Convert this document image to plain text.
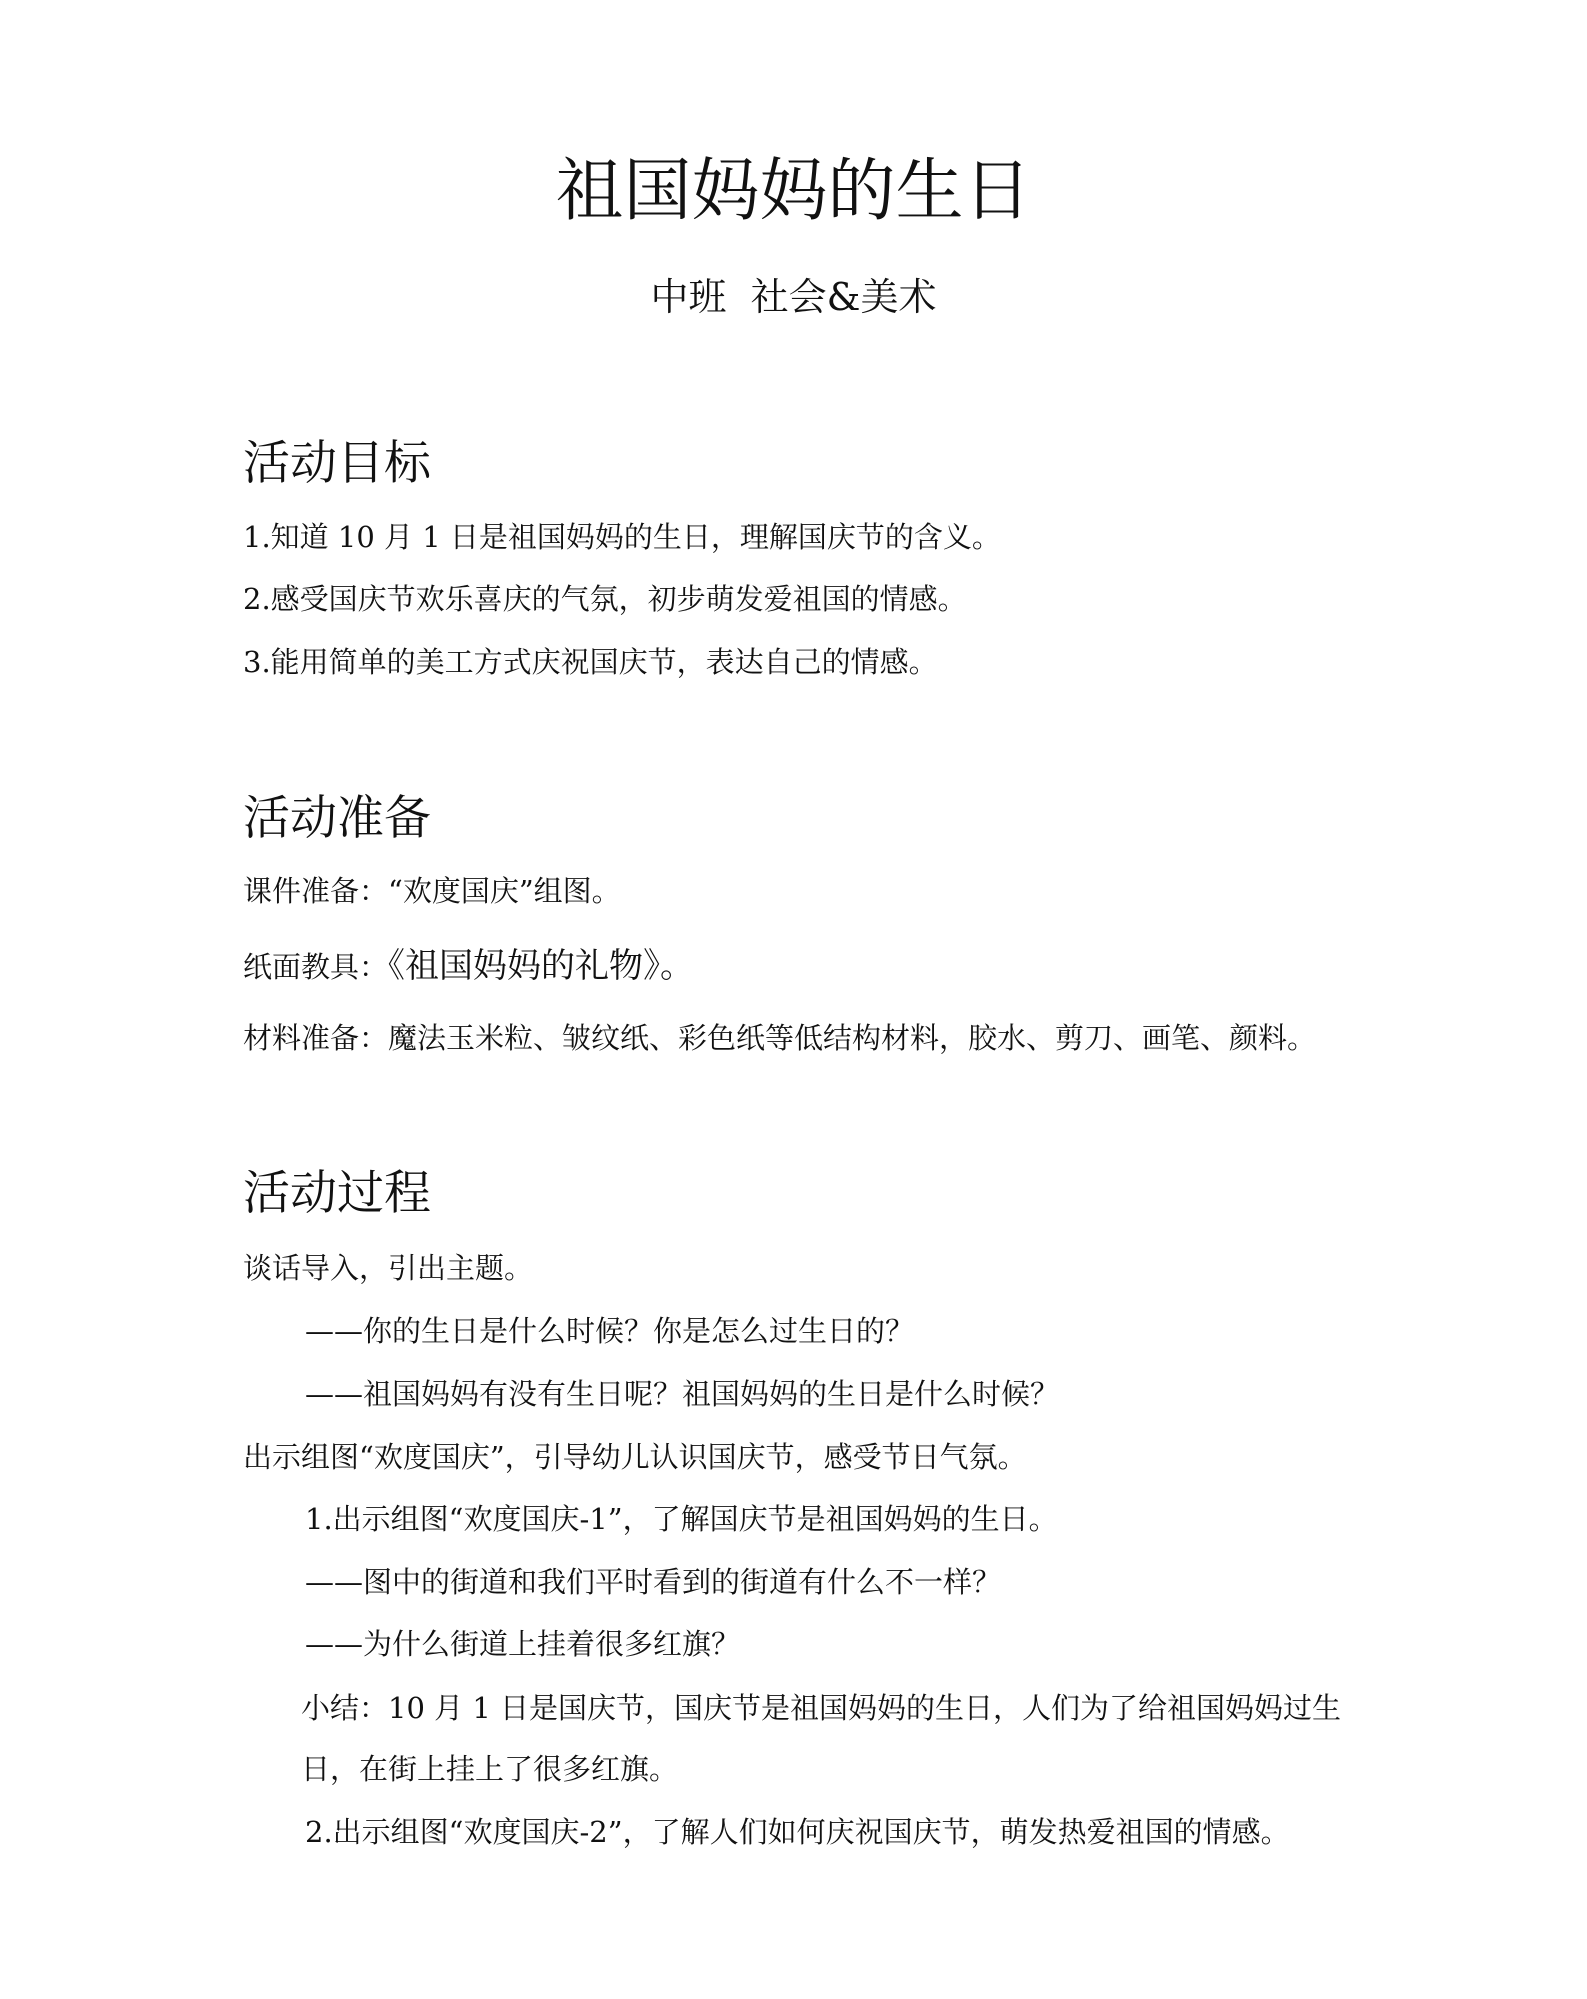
祖国妈妈的生日
中班  社会&美术
活动目标
1.知道 10 月 1 日是祖国妈妈的生日，理解国庆节的含义。
2.感受国庆节欢乐喜庆的气氛，初步萌发爱祖国的情感。
3.能用简单的美工方式庆祝国庆节，表达自己的情感。
活动准备
课件准备：“欢度国庆”组图。
纸面教具：《祖国妈妈的礼物》。
材料准备：魔法玉米粒、皱纹纸、彩色纸等低结构材料，胶水、剪刀、画笔、颜料。
活动过程
谈话导入，引出主题。
——你的生日是什么时候？你是怎么过生日的？
——祖国妈妈有没有生日呢？祖国妈妈的生日是什么时候？
出示组图“欢度国庆”，引导幼儿认识国庆节，感受节日气氛。
1.出示组图“欢度国庆-1”，了解国庆节是祖国妈妈的生日。
——图中的街道和我们平时看到的街道有什么不一样？
——为什么街道上挂着很多红旗？
小结：10 月 1 日是国庆节，国庆节是祖国妈妈的生日，人们为了给祖国妈妈过生
日，在街上挂上了很多红旗。
2.出示组图“欢度国庆-2”，了解人们如何庆祝国庆节，萌发热爱祖国的情感。
